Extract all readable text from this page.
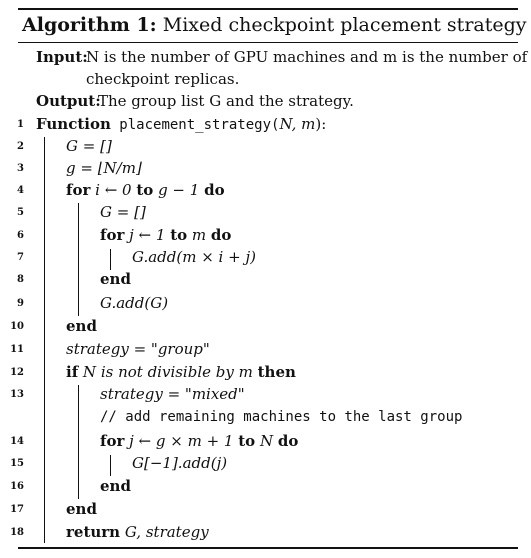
Algorithm 1: Mixed checkpoint placement strategy
Input:
N is the number of GPU machines and m is the number of
checkpoint replicas.
Output:
The group list G and the strategy.
1 Function placement_strategy(N, m):
2	G = []
3	g = ⌊N/m⌋
4	for i ← 0 to g − 1 do
5	G = []
6	for j ← 1 to m do
7	G.add(m × i + j)
8	end
9	G.add(G)
10	end
11	strategy = "group"
12	if N is not divisible by m then
13	strategy = "mixed"
// add remaining machines to the last group
14	for j ← g × m + 1 to N do
15	G[−1].add(j)
16	end
17	end
18	return G, strategy
